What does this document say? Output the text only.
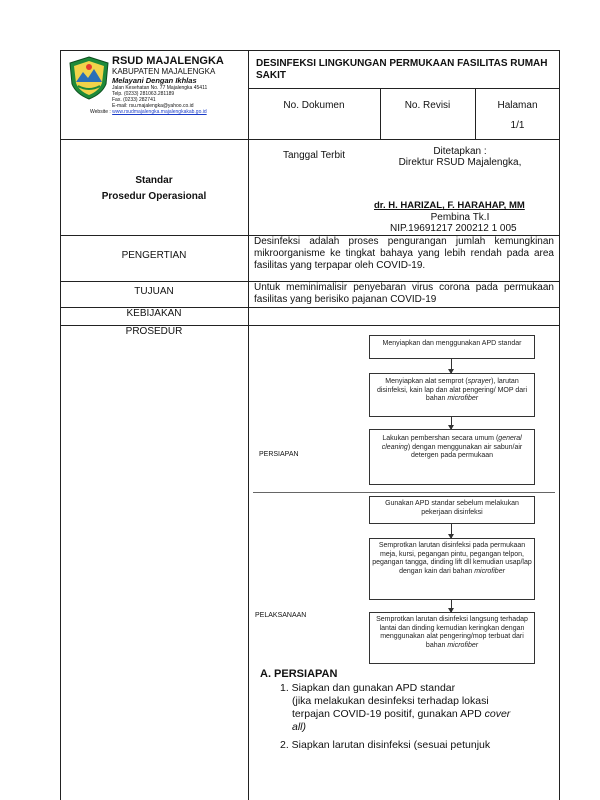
RSUD MAJALENGKA
KABUPATEN MAJALENGKA
Melayani Dengan Ikhlas
Jalan Kesehatan No. 77 Majalengka 45411
Telp. (0233) 281063.281189
Fax. (0233) 282741
E-mail: rsu.majalengka@yahoo.co.id
Website : www.rsudmajalengka.majalengkakab.go.id
DESINFEKSI LINGKUNGAN PERMUKAAN FASILITAS RUMAH SAKIT
No. Dokumen	No. Revisi	Halaman
1/1
Standar
Prosedur Operasional
Tanggal Terbit	Ditetapkan :
Direktur RSUD Majalengka,
dr. H. HARIZAL, F. HARAHAP, MM
Pembina Tk.I
NIP.19691217 200212 1 005
PENGERTIAN
Desinfeksi adalah proses pengurangan jumlah kemungkinan mikroorganisme ke tingkat bahaya yang lebih rendah pada area fasilitas yang terpapar oleh COVID-19.
TUJUAN	Untuk meminimalisir penyebaran virus corona pada permukaan fasilitas yang berisiko pajanan COVID-19
KEBIJAKAN
PROSEDUR
PERSIAPAN
PELAKSANAAN
Menyiapkan dan menggunakan APD standar
Menyiapkan alat semprot (sprayer), larutan disinfeksi, kain lap dan alat pengering/ MOP dari bahan microfiber
Lakukan pembershan secara umum (general cleaning) dengan menggunakan air sabun/air detergen pada permukaan
Gunakan APD standar sebelum melakukan pekerjaan disinfeksi
Semprotkan larutan disinfeksi pada permukaan meja, kursi, pegangan pintu, pegangan telpon, pegangan tangga, dinding lift dll kemudian usap/lap dengan kain dari bahan microfiber
Semprotkan larutan disinfeksi langsung terhadap lantai dan dinding kemudian keringkan dengan menggunakan alat pengering/mop terbuat dari bahan microfiber
A. PERSIAPAN
1. Siapkan dan gunakan APD standar
(jika melakukan desinfeksi terhadap lokasi
terpajan COVID-19 positif, gunakan APD cover
all)
2. Siapkan larutan disinfeksi (sesuai petunjuk
